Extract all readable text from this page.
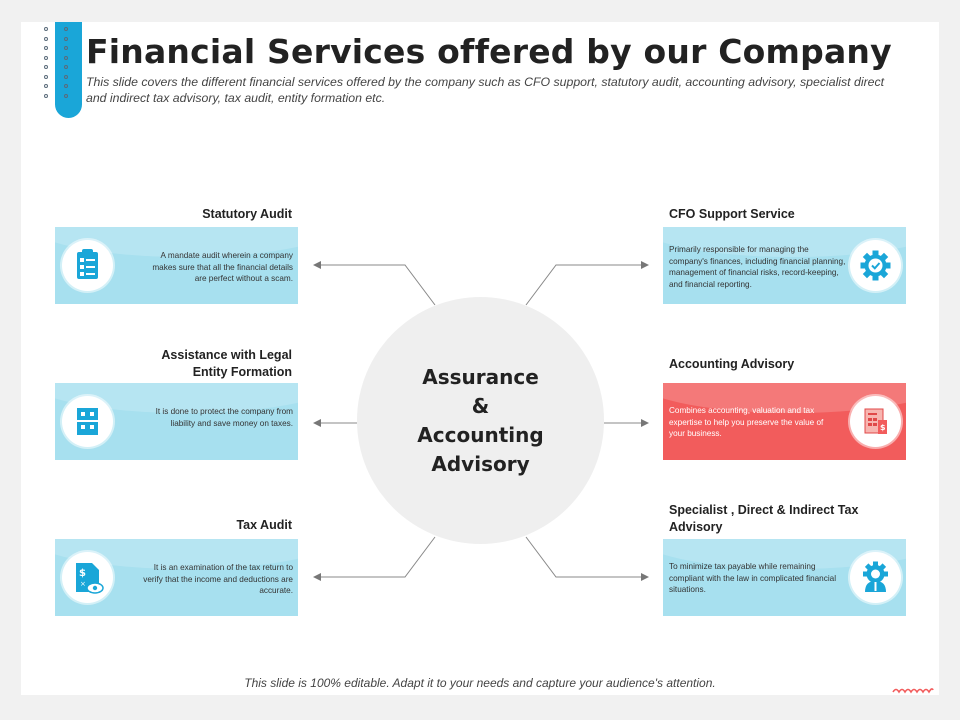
Financial Services offered by our Company
This slide covers the different financial services offered by the company such as CFO support, statutory audit, accounting advisory, specialist direct and indirect tax advisory, tax audit, entity formation etc.
Assurance
&
Accounting
Advisory
Statutory Audit
A mandate audit wherein a company makes sure that all the financial details are perfect without a scam.
Assistance with Legal
Entity Formation
It is done to protect the company from liability and save money on taxes.
Tax Audit
$
×
It is an examination of the tax return to verify that the income and deductions are accurate.
CFO Support Service
Primarily responsible for managing the company's finances, including financial planning, management of financial risks, record-keeping, and financial reporting.
Accounting Advisory
Combines accounting, valuation and tax expertise to help you preserve the value of your business.
$
Specialist , Direct & Indirect Tax
Advisory
To minimize tax payable while remaining compliant with the law in complicated financial situations.
This slide is 100% editable. Adapt it to your needs and capture your audience's attention.
